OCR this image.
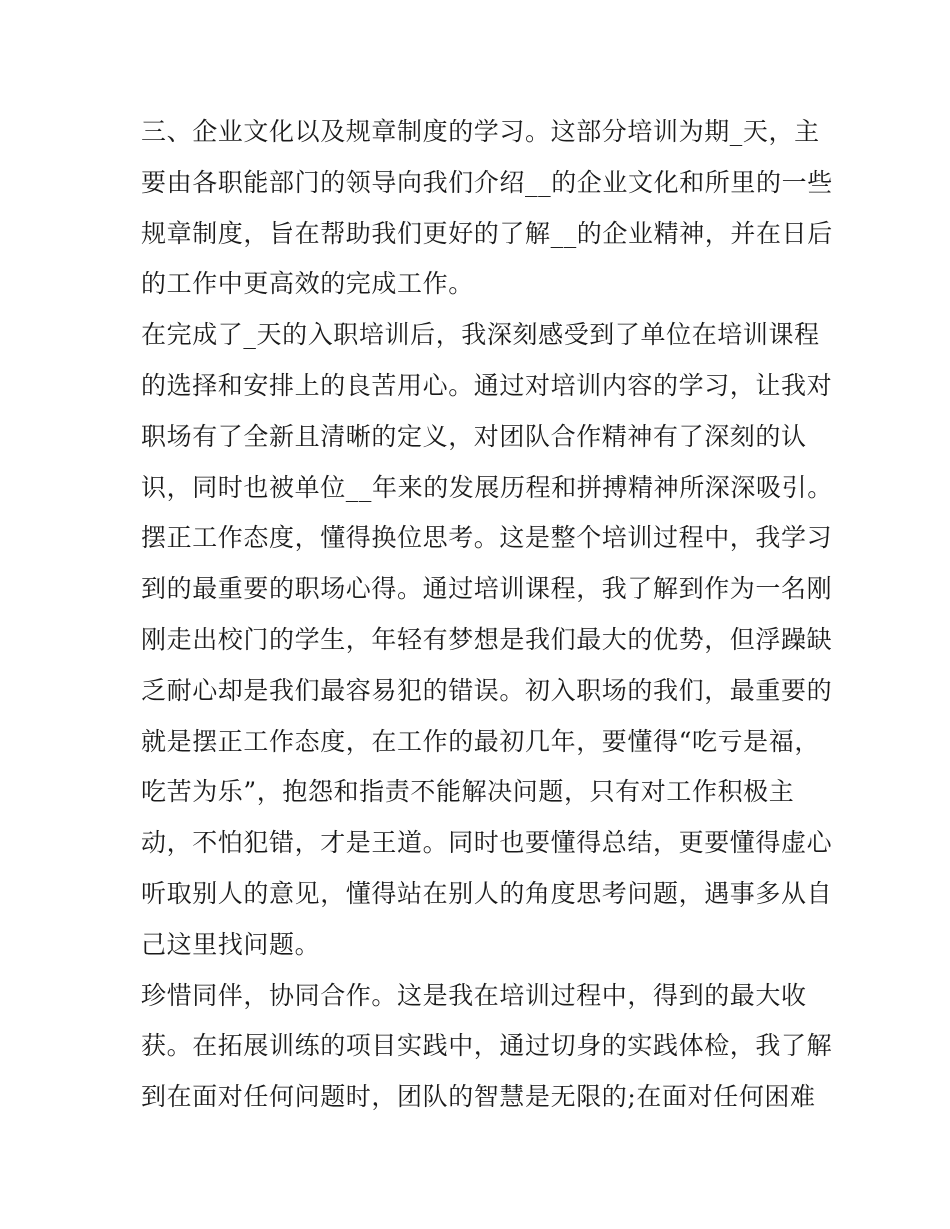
三、企业文化以及规章制度的学习。这部分培训为期_天，主
要由各职能部门的领导向我们介绍__的企业文化和所里的一些
规章制度，旨在帮助我们更好的了解__的企业精神，并在日后
的工作中更高效的完成工作。
在完成了_天的入职培训后，我深刻感受到了单位在培训课程
的选择和安排上的良苦用心。通过对培训内容的学习，让我对
职场有了全新且清晰的定义，对团队合作精神有了深刻的认
识，同时也被单位__年来的发展历程和拼搏精神所深深吸引。
摆正工作态度，懂得换位思考。这是整个培训过程中，我学习
到的最重要的职场心得。通过培训课程，我了解到作为一名刚
刚走出校门的学生，年轻有梦想是我们最大的优势，但浮躁缺
乏耐心却是我们最容易犯的错误。初入职场的我们，最重要的
就是摆正工作态度，在工作的最初几年，要懂得“吃亏是福，
吃苦为乐”，抱怨和指责不能解决问题，只有对工作积极主
动，不怕犯错，才是王道。同时也要懂得总结，更要懂得虚心
听取别人的意见，懂得站在别人的角度思考问题，遇事多从自
己这里找问题。
珍惜同伴，协同合作。这是我在培训过程中，得到的最大收
获。在拓展训练的项目实践中，通过切身的实践体检，我了解
到在面对任何问题时，团队的智慧是无限的;在面对任何困难
